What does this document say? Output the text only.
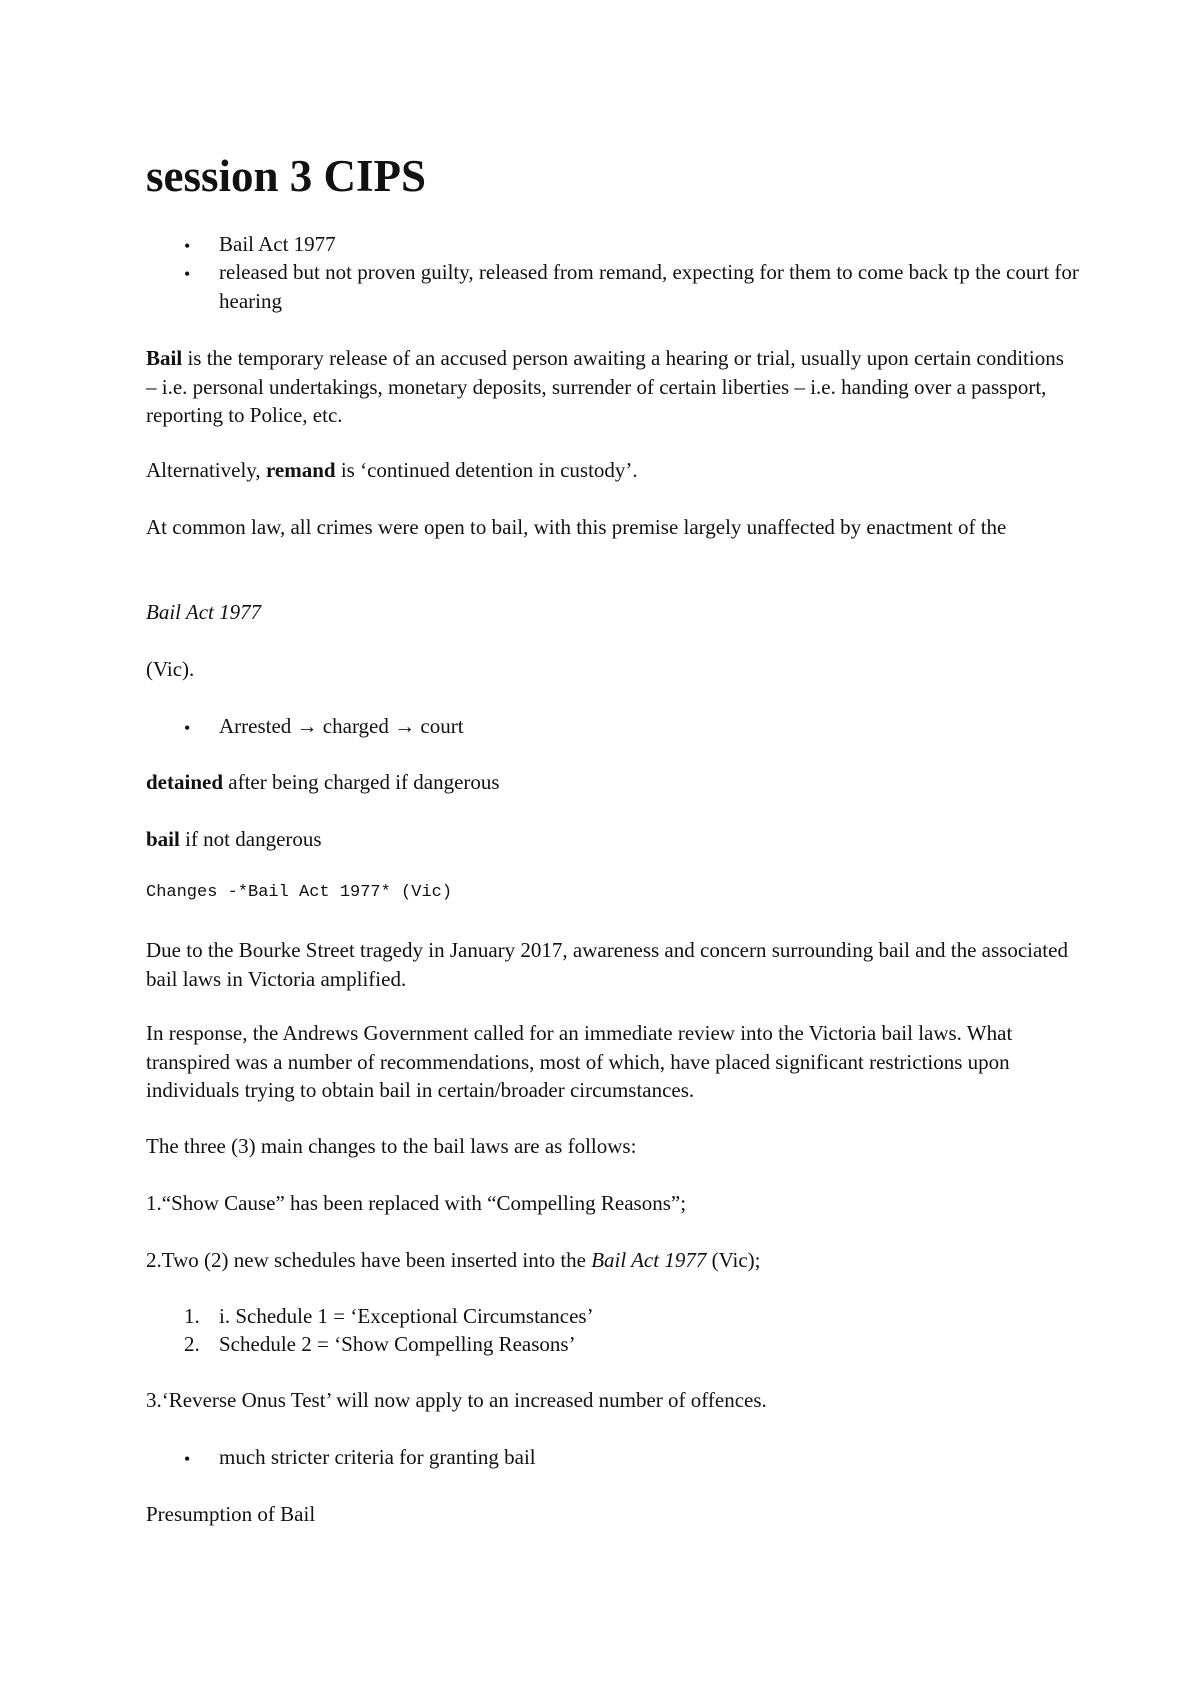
session 3 CIPS
• Bail Act 1977
• released but not proven guilty, released from remand, expecting for them to come back tp the court for hearing
Bail is the temporary release of an accused person awaiting a hearing or trial, usually upon certain conditions – i.e. personal undertakings, monetary deposits, surrender of certain liberties – i.e. handing over a passport, reporting to Police, etc.
Alternatively, remand is ‘continued detention in custody’.
At common law, all crimes were open to bail, with this premise largely unaffected by enactment of the
Bail Act 1977
(Vic).
• Arrested → charged → court
detained after being charged if dangerous
bail if not dangerous
Changes -*Bail Act 1977* (Vic)
Due to the Bourke Street tragedy in January 2017, awareness and concern surrounding bail and the associated bail laws in Victoria amplified.
In response, the Andrews Government called for an immediate review into the Victoria bail laws. What transpired was a number of recommendations, most of which, have placed significant restrictions upon individuals trying to obtain bail in certain/broader circumstances.
The three (3) main changes to the bail laws are as follows:
1.“Show Cause” has been replaced with “Compelling Reasons”;
2.Two (2) new schedules have been inserted into the Bail Act 1977 (Vic);
1. i. Schedule 1 = ‘Exceptional Circumstances’
2. Schedule 2 = ‘Show Compelling Reasons’
3.‘Reverse Onus Test’ will now apply to an increased number of offences.
• much stricter criteria for granting bail
Presumption of Bail
